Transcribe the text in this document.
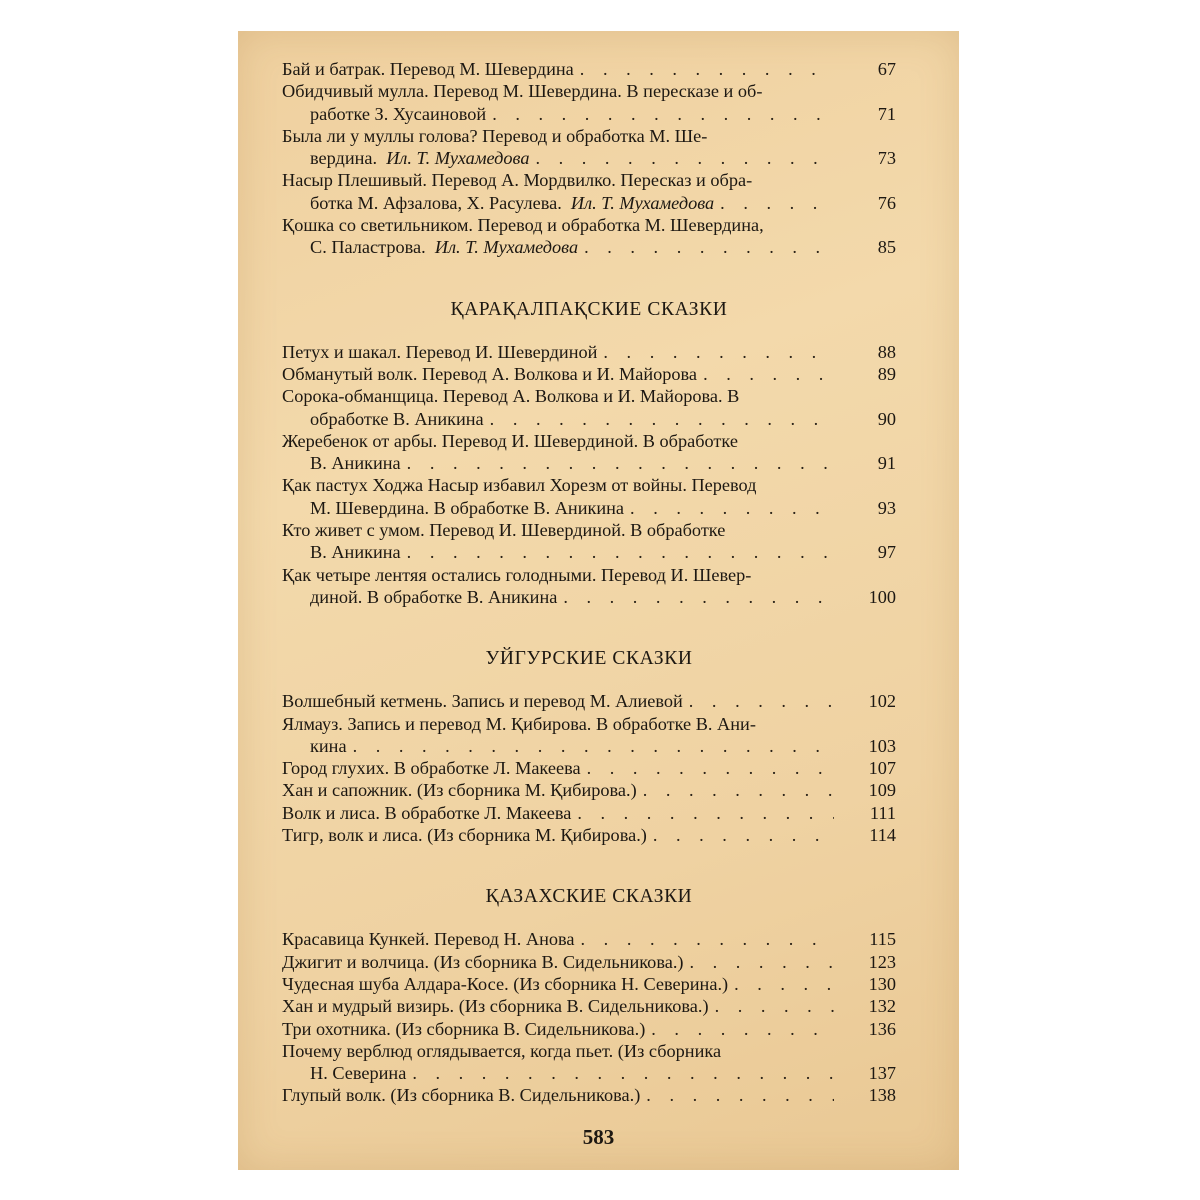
Бай и батрак. Перевод М. Шевердина . . .	67
Обидчивый мулла. Перевод М. Шевердина. В пересказе и об-
работке З. Хусаиновой . . .	71
Была ли у муллы голова? Перевод и обработка М. Ше-
вердина.
Ил. Т. Мухамедова . . .	73
Насыр Плешивый. Перевод А. Мордвилко. Пересказ и обра-
ботка М. Афзалова, Х. Расулева.
Ил. Т. Мухамедова . . .	76
Қошка со светильником. Перевод и обработка М. Шевердина,
С. Паластрова.
Ил. Т. Мухамедова . . .	85
ҚАРАҚАЛПАҚСКИЕ СКАЗКИ
Петух и шакал. Перевод И. Шевердиной . . .	88
Обманутый волк. Перевод А. Волкова и И. Майорова . . .	89
Сорока-обманщица. Перевод А. Волкова и И. Майорова. В
обработке В. Аникина . . .	90
Жеребенок от арбы. Перевод И. Шевердиной. В обработке
В. Аникина . . .	91
Қак пастух Ходжа Насыр избавил Хорезм от войны. Перевод
М. Шевердина. В обработке В. Аникина . . .	93
Кто живет с умом. Перевод И. Шевердиной. В обработке
В. Аникина . . .	97
Қак четыре лентяя остались голодными. Перевод И. Шевер-
диной. В обработке В. Аникина . . .	100
УЙГУРСКИЕ СКАЗКИ
Волшебный кетмень. Запись и перевод М. Алиевой . . .	102
Ялмауз. Запись и перевод М. Қибирова. В обработке В. Ани-
кина . . .	103
Город глухих. В обработке Л. Макеева . . .	107
Хан и сапожник. (Из сборника М. Қибирова.) . . .	109
Волк и лиса. В обработке Л. Макеева . . .	111
Тигр, волк и лиса. (Из сборника М. Қибирова.) . . .	114
ҚАЗАХСКИЕ СКАЗКИ
Красавица Кункей. Перевод Н. Анова . . .	115
Джигит и волчица. (Из сборника В. Сидельникова.) . . .	123
Чудесная шуба Алдара-Косе. (Из сборника Н. Северина.) . . .	130
Хан и мудрый визирь. (Из сборника В. Сидельникова.) . . .	132
Три охотника. (Из сборника В. Сидельникова.) . . .	136
Почему верблюд оглядывается, когда пьет. (Из сборника
Н. Северина . . .	137
Глупый волк. (Из сборника В. Сидельникова.) . . .	138
583
